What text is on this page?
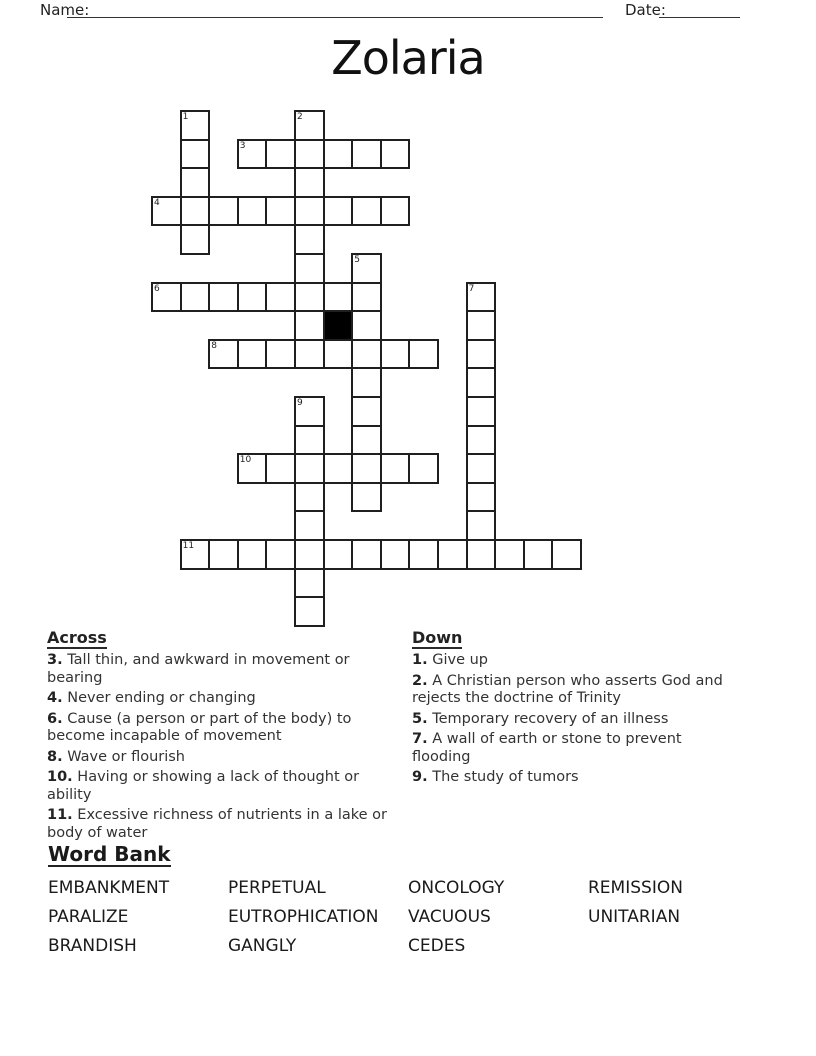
Name:	Date:
Zolaria
1	2
3
4
5
6	7
8
9
10
11
Across

3. Tall thin, and awkward in movement or
bearing

4. Never ending or changing

6. Cause (a person or part of the body) to
become incapable of movement

8. Wave or flourish

10. Having or showing a lack of thought or
ability

11. Excessive richness of nutrients in a lake or
body of water

Down

1. Give up

2. A Christian person who asserts God and
rejects the doctrine of Trinity

5. Temporary recovery of an illness

7. A wall of earth or stone to prevent
flooding

9. The study of tumors

Word Bank
EMBANKMENT	PERPETUAL	ONCOLOGY	REMISSION
PARALIZE	EUTROPHICATION	VACUOUS	UNITARIAN
BRANDISH	GANGLY	CEDES
